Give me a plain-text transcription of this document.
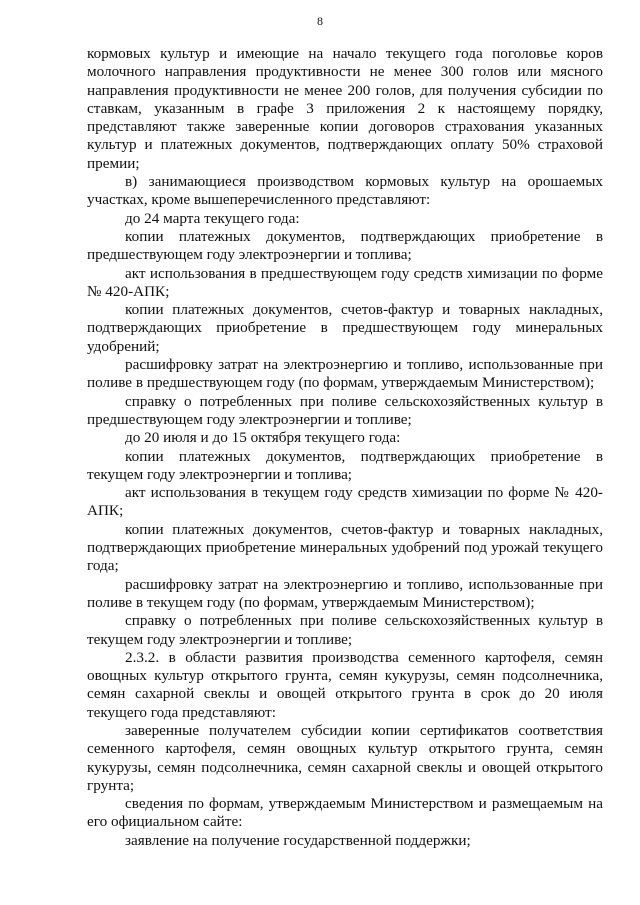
8

кормовых культур и имеющие на начало текущего года поголовье коров молочного направления продуктивности не менее 300 голов или мясного направления продуктивности не менее 200 голов, для получения субсидии по ставкам, указанным в графе 3 приложения 2 к настоящему порядку, представляют также заверенные копии договоров страхования указанных культур и платежных документов, подтверждающих оплату 50% страховой премии;

в) занимающиеся производством кормовых культур на орошаемых участках, кроме вышеперечисленного представляют:

до 24 марта текущего года:

копии платежных документов, подтверждающих приобретение в предшествующем году электроэнергии и топлива;

акт использования в предшествующем году средств химизации по форме № 420-АПК;

копии платежных документов, счетов-фактур и товарных накладных, подтверждающих приобретение в предшествующем году минеральных удобрений;

расшифровку затрат на электроэнергию и топливо, использованные при поливе в предшествующем году (по формам, утверждаемым Министерством);

справку о потребленных при поливе сельскохозяйственных культур в предшествующем году электроэнергии и топливе;

до 20 июля и до 15 октября текущего года:

копии платежных документов, подтверждающих приобретение в текущем году электроэнергии и топлива;

акт использования в текущем году средств химизации по форме № 420-АПК;

копии платежных документов, счетов-фактур и товарных накладных, подтверждающих приобретение минеральных удобрений под урожай текущего года;

расшифровку затрат на электроэнергию и топливо, использованные при поливе в текущем году (по формам, утверждаемым Министерством);

справку о потребленных при поливе сельскохозяйственных культур в текущем году электроэнергии и топливе;

2.3.2. в области развития производства семенного картофеля, семян овощных культур открытого грунта, семян кукурузы, семян подсолнечника, семян сахарной свеклы и овощей открытого грунта в срок до 20 июля текущего года представляют:

заверенные получателем субсидии копии сертификатов соответствия семенного картофеля, семян овощных культур открытого грунта, семян кукурузы, семян подсолнечника, семян сахарной свеклы и овощей открытого грунта;

сведения по формам, утверждаемым Министерством и размещаемым на его официальном сайте:

заявление на получение государственной поддержки;
